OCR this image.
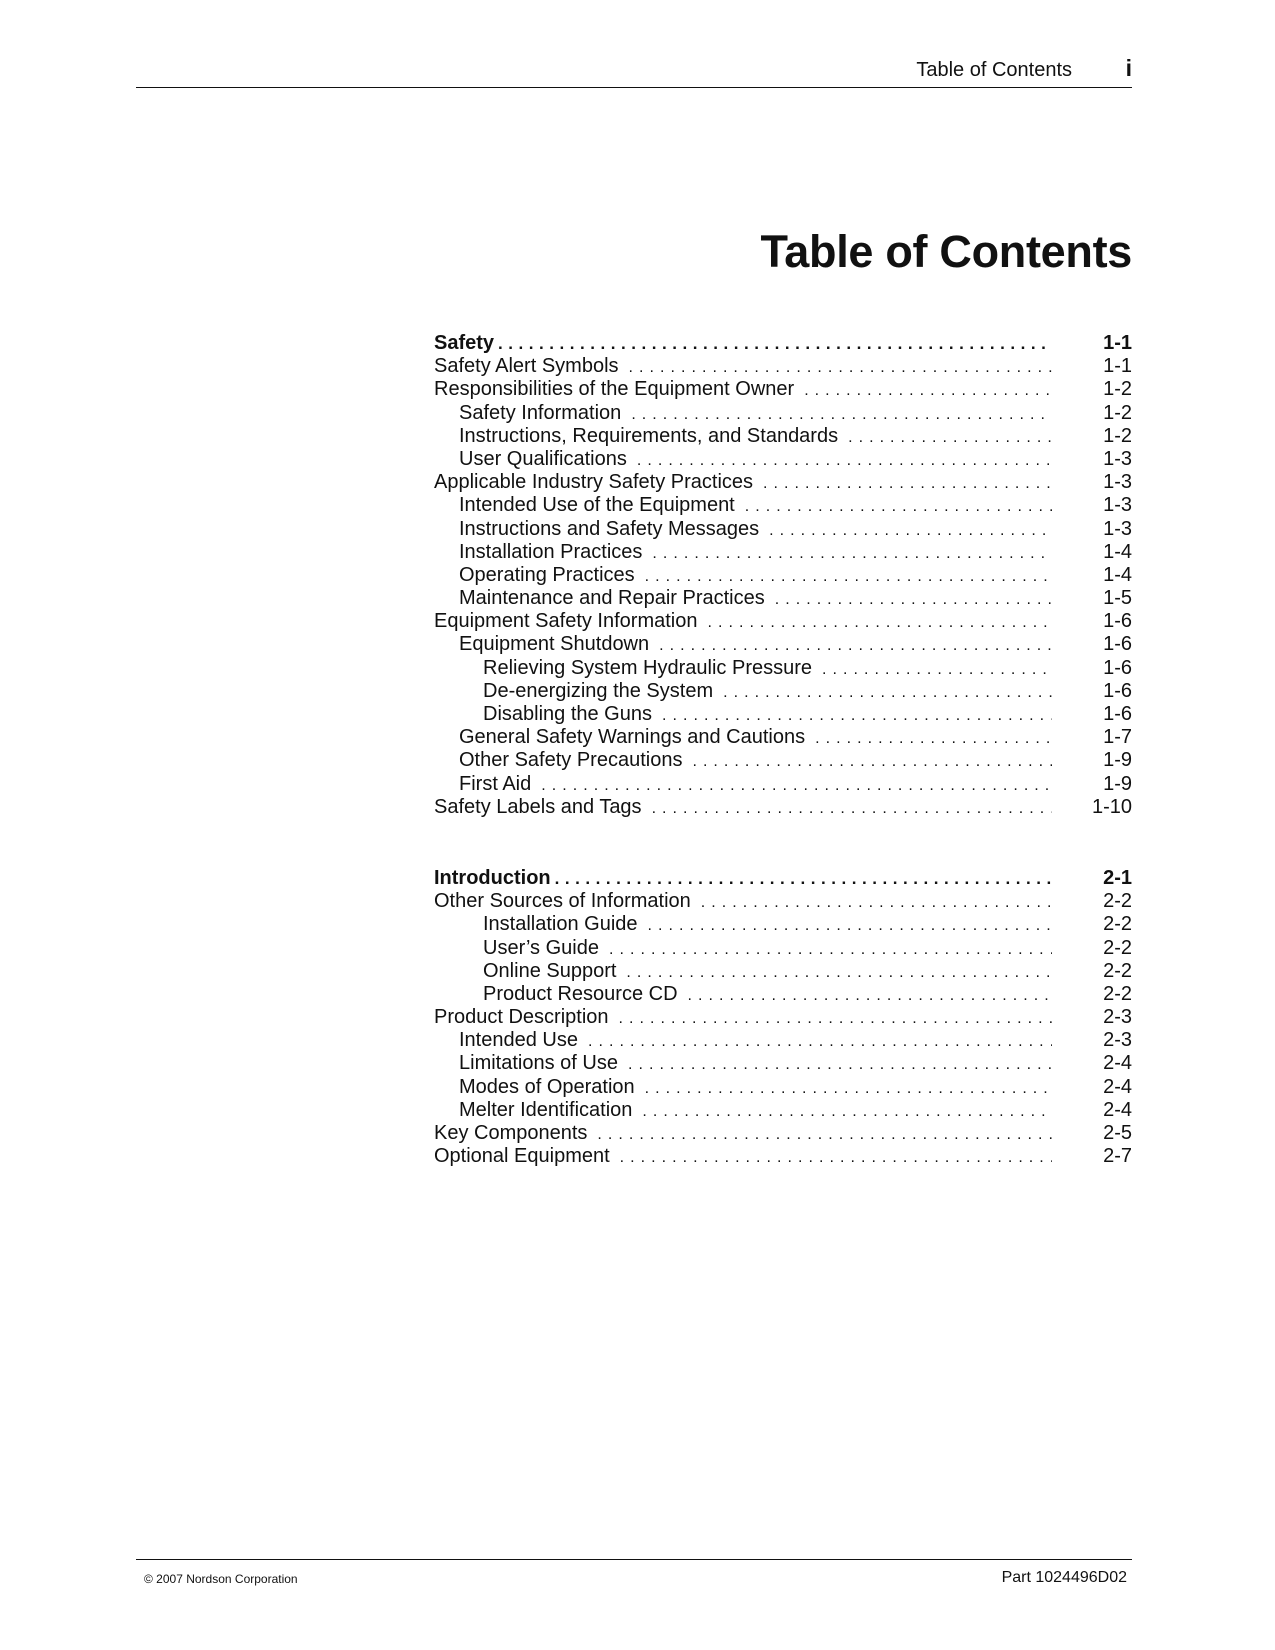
Table of Contents i
Table of Contents
Safety . . .	1-1
Safety Alert Symbols . . .	1-1
Responsibilities of the Equipment Owner . . .	1-2
Safety Information . . .	1-2
Instructions, Requirements, and Standards . . .	1-2
User Qualifications . . .	1-3
Applicable Industry Safety Practices . . .	1-3
Intended Use of the Equipment . . .	1-3
Instructions and Safety Messages . . .	1-3
Installation Practices . . .	1-4
Operating Practices . . .	1-4
Maintenance and Repair Practices . . .	1-5
Equipment Safety Information . . .	1-6
Equipment Shutdown . . .	1-6
Relieving System Hydraulic Pressure . . .	1-6
De-energizing the System . . .	1-6
Disabling the Guns . . .	1-6
General Safety Warnings and Cautions . . .	1-7
Other Safety Precautions . . .	1-9
First Aid . . .	1-9
Safety Labels and Tags . . .	1-10
Introduction . . .	2-1
Other Sources of Information . . .	2-2
Installation Guide . . .	2-2
User’s Guide . . .	2-2
Online Support . . .	2-2
Product Resource CD . . .	2-2
Product Description . . .	2-3
Intended Use . . .	2-3
Limitations of Use . . .	2-4
Modes of Operation . . .	2-4
Melter Identification . . .	2-4
Key Components . . .	2-5
Optional Equipment . . .	2-7
© 2007 Nordson Corporation	Part 1024496D02
